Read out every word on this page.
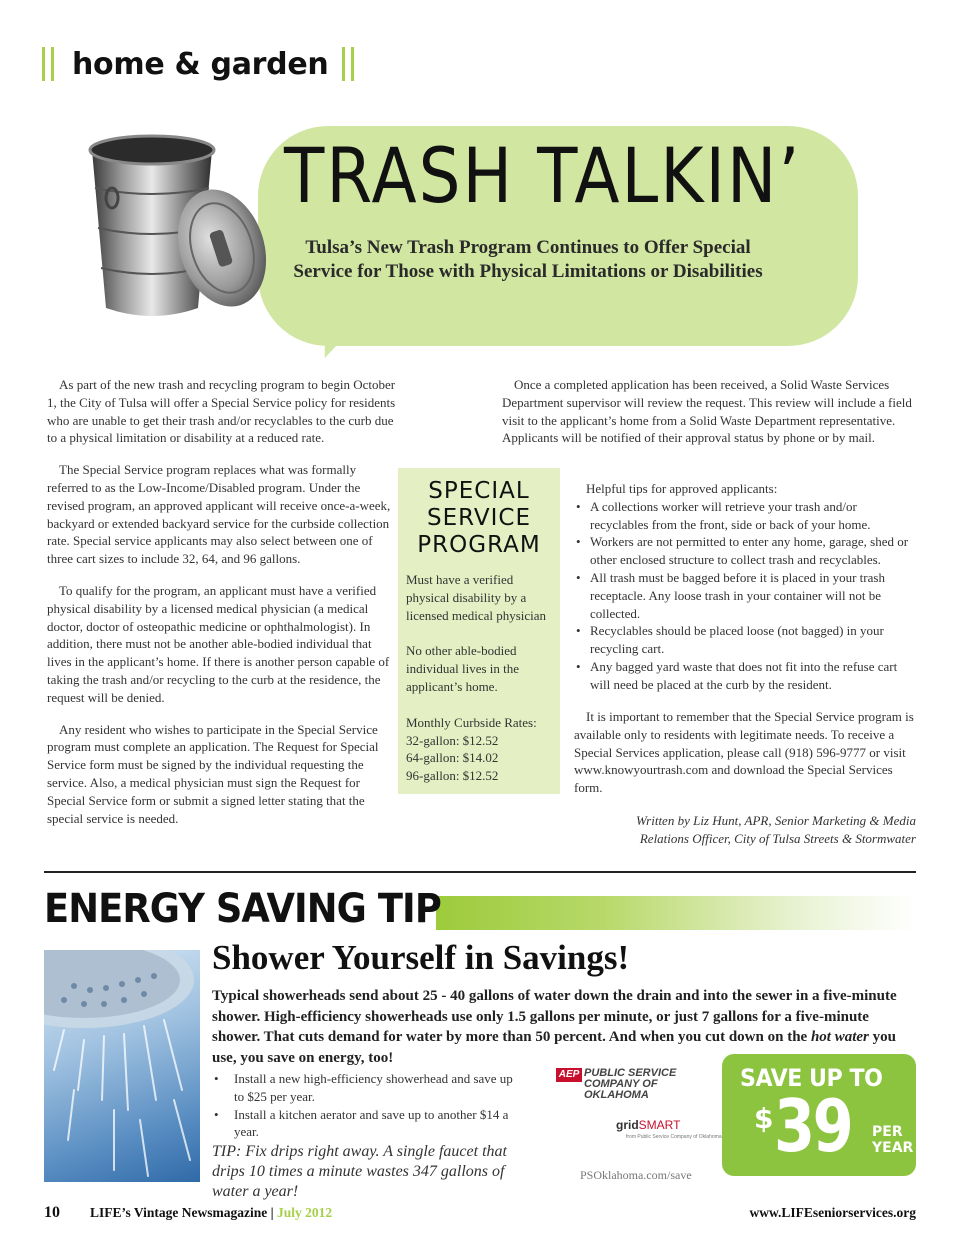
home & garden
TRASH TALKIN’
Tulsa’s New Trash Program Continues to Offer Special
Service for Those with Physical Limitations or Disabilities

As part of the new trash and recycling program to begin October 1, the City of Tulsa will offer a Special Service policy for residents who are unable to get their trash and/or recyclables to the curb due to a physical limitation or disability at a reduced rate.

The Special Service program replaces what was formally referred to as the Low-Income/Disabled program. Under the revised program, an approved applicant will receive once-a-week, backyard or extended backyard service for the curbside collection rate. Special service applicants may also select between one of three cart sizes to include 32, 64, and 96 gallons.

To qualify for the program, an applicant must have a verified physical disability by a licensed medical physician (a medical doctor, doctor of osteopathic medicine or ophthalmologist). In addition, there must not be another able-bodied individual that lives in the applicant’s home. If there is another person capable of taking the trash and/or recycling to the curb at the residence, the request will be denied.

Any resident who wishes to participate in the Special Service program must complete an application. The Request for Special Service form must be signed by the individual requesting the service. Also, a medical physician must sign the Request for Special Service form or submit a signed letter stating that the special service is needed.

SPECIAL
SERVICE
PROGRAM

Must have a verified physical disability by a licensed medical physician

No other able-bodied individual lives in the applicant’s home.

Monthly Curbside Rates:
32-gallon: $12.52
64-gallon: $14.02
96-gallon: $12.52

Once a completed application has been received, a Solid Waste Services Department supervisor will review the request. This review will include a field visit to the applicant’s home from a Solid Waste Department representative. Applicants will be notified of their approval status by phone or by mail.

Helpful tips for approved applicants:

• A collections worker will retrieve your trash and/or recyclables from the front, side or back of your home.
• Workers are not permitted to enter any home, garage, shed or other enclosed structure to collect trash and recyclables.
• All trash must be bagged before it is placed in your trash receptacle. Any loose trash in your container will not be collected.
• Recyclables should be placed loose (not bagged) in your recycling cart.
• Any bagged yard waste that does not fit into the refuse cart will need be placed at the curb by the resident.

It is important to remember that the Special Service program is available only to residents with legitimate needs. To receive a Special Services application, please call (918) 596-9777 or visit www.knowyourtrash.com and download the Special Services form.

Written by Liz Hunt, APR, Senior Marketing & Media
Relations Officer, City of Tulsa Streets & Stormwater
ENERGY SAVING TIP
Shower Yourself in Savings!
Typical showerheads send about 25 - 40 gallons of water down the drain and into the sewer in a five-minute shower. High-efficiency showerheads use only 1.5 gallons per minute, or just 7 gallons for a five-minute shower. That cuts demand for water by more than 50 percent. And when you cut down on the hot water you use, you save on energy, too!
• Install a new high-efficiency showerhead and save up to $25 per year.
• Install a kitchen aerator and save up to another $14 a year.
TIP: Fix drips right away. A single faucet that drips 10 times a minute wastes 347 gallons of water a year!
AEP PUBLIC SERVICE
COMPANY OF
OKLAHOMA
gridSMART
from Public Service Company of Oklahoma
PSOklahoma.com/save
SAVE UP TO
$ 39 PER
YEAR
10 LIFE’s Vintage Newsmagazine | July 2012	www.LIFEseniorservices.org
